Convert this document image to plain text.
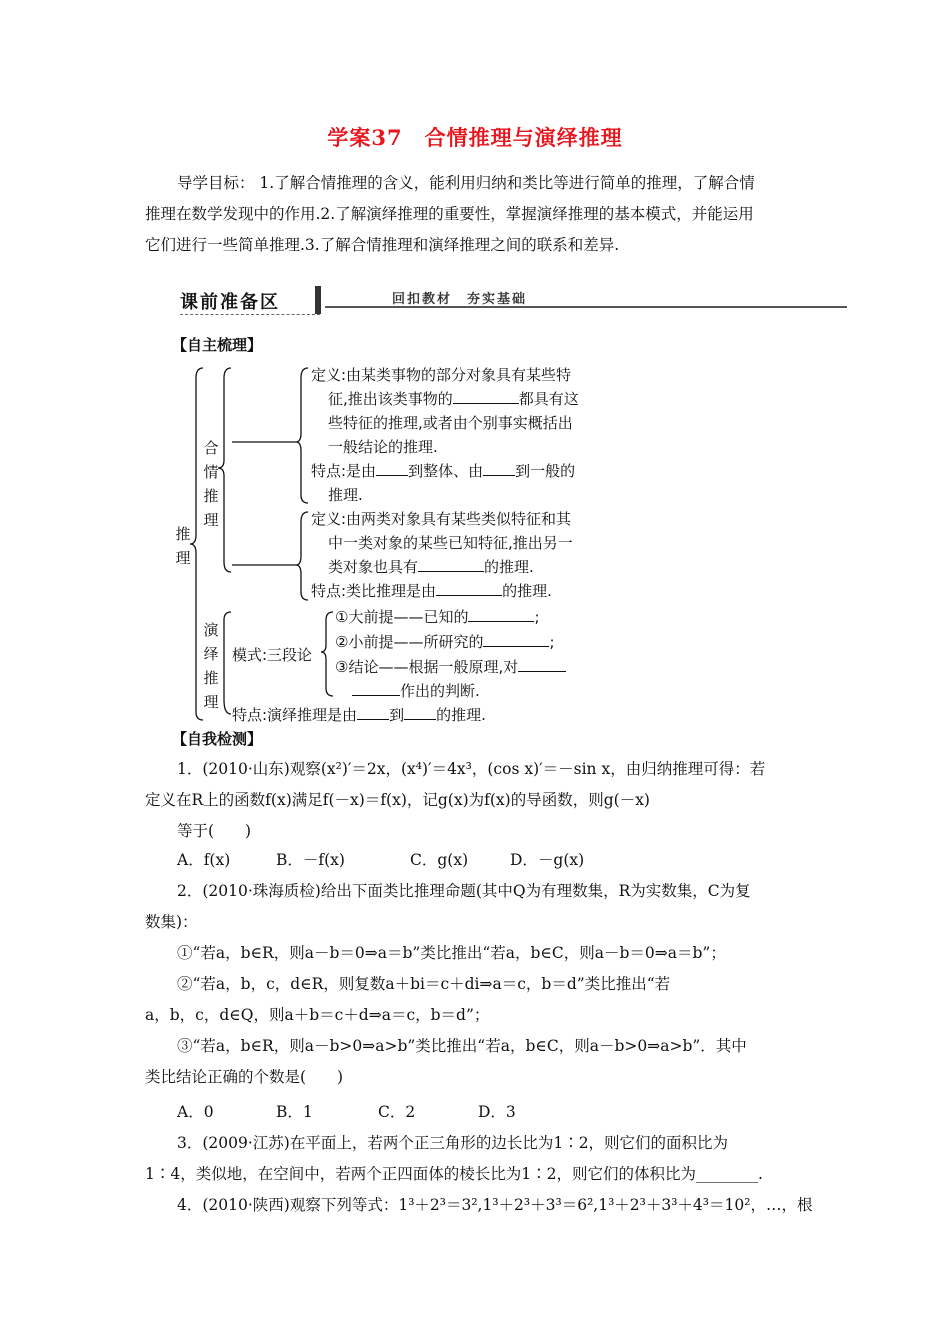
学案37　合情推理与演绎推理
导学目标： 1.了解合情推理的含义，能利用归纳和类比等进行简单的推理，了解合情
推理在数学发现中的作用.2.了解演绎推理的重要性，掌握演绎推理的基本模式，并能运用
它们进行一些简单推理.3.了解合情推理和演绎推理之间的联系和差异.
课前准备区	回扣教材　夯实基础
【自主梳理】
推
理
合
情
推
理
演
绎
推
理
定义:由某类事物的部分对象具有某些特
征,推出该类事物的	都具有这
些特征的推理,或者由个别事实概括出
一般结论的推理.
特点:是由 到整体、由 到一般的
推理.
定义:由两类对象具有某些类似特征和其
中一类对象的某些已知特征,推出另一
类对象也具有	的推理.
特点:类比推理是由	的推理.
模式:三段论
①大前提——已知的	;
②小前提——所研究的	;
③结论——根据一般原理,对
作出的判断.
特点:演绎推理是由 到 的推理.
【自我检测】
1．(2010·山东)观察(x²)′＝2x，(x⁴)′＝4x³，(cos x)′＝－sin x，由归纳推理可得：若
定义在R上的函数f(x)满足f(－x)＝f(x)，记g(x)为f(x)的导函数，则g(－x)
等于(　　)
A．f(x)	B．－f(x)	C．g(x)	D．－g(x)
2．(2010·珠海质检)给出下面类比推理命题(其中Q为有理数集，R为实数集，C为复
数集)：
①“若a，b∈R，则a－b＝0⇒a＝b”类比推出“若a，b∈C，则a－b＝0⇒a＝b”；
②“若a，b，c，d∈R，则复数a＋bi＝c＋di⇒a＝c，b＝d”类比推出“若
a，b，c，d∈Q，则a＋b＝c＋d⇒a＝c，b＝d”；
③“若a，b∈R，则a－b>0⇒a>b”类比推出“若a，b∈C，则a－b>0⇒a>b”．其中
类比结论正确的个数是(　　)
A．0	B．1	C．2	D．3
3．(2009·江苏)在平面上，若两个正三角形的边长比为1∶2，则它们的面积比为
1∶4，类似地，在空间中，若两个正四面体的棱长比为1∶2，则它们的体积比为________.
4．(2010·陕西)观察下列等式：1³＋2³＝3²,1³＋2³＋3³＝6²,1³＋2³＋3³＋4³＝10²，…，根
